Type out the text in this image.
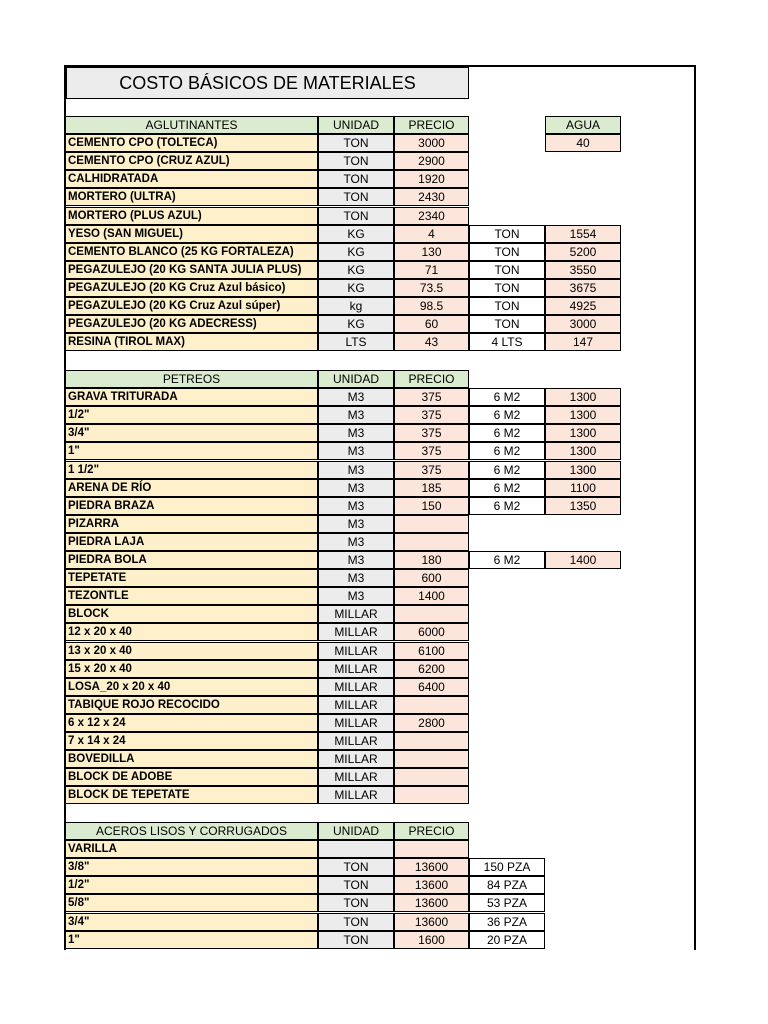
COSTO BÁSICOS DE MATERIALES
AGUA
40
AGLUTINANTES	UNIDAD	PRECIO
CEMENTO CPO (TOLTECA)	TON	3000
CEMENTO CPO (CRUZ AZUL)	TON	2900
CALHIDRATADA	TON	1920
MORTERO (ULTRA)	TON	2430
MORTERO (PLUS AZUL)	TON	2340
YESO (SAN MIGUEL)	KG	4	TON	1554
CEMENTO BLANCO (25 KG FORTALEZA)	KG	130	TON	5200
PEGAZULEJO (20 KG SANTA JULIA PLUS)	KG	71	TON	3550
PEGAZULEJO (20 KG Cruz Azul básico)	KG	73.5	TON	3675
PEGAZULEJO (20 KG Cruz Azul súper)	kg	98.5	TON	4925
PEGAZULEJO (20 KG ADECRESS)	KG	60	TON	3000
RESINA (TIROL MAX)	LTS	43	4 LTS	147
PETREOS	UNIDAD	PRECIO
GRAVA TRITURADA	M3	375	6 M2	1300
1/2"	M3	375	6 M2	1300
3/4"	M3	375	6 M2	1300
1"	M3	375	6 M2	1300
1 1/2"	M3	375	6 M2	1300
ARENA DE RÍO	M3	185	6 M2	1100
PIEDRA BRAZA	M3	150	6 M2	1350
PIZARRA	M3
PIEDRA LAJA	M3
PIEDRA BOLA	M3	180	6 M2	1400
TEPETATE	M3	600
TEZONTLE	M3	1400
BLOCK	MILLAR
12 x 20 x 40	MILLAR	6000
13 x 20 x 40	MILLAR	6100
15 x 20 x 40	MILLAR	6200
LOSA_20 x 20 x 40	MILLAR	6400
TABIQUE ROJO RECOCIDO	MILLAR
6 x 12 x 24	MILLAR	2800
7 x 14 x 24	MILLAR
BOVEDILLA	MILLAR
BLOCK DE ADOBE	MILLAR
BLOCK DE TEPETATE	MILLAR
ACEROS LISOS Y CORRUGADOS	UNIDAD	PRECIO
VARILLA
3/8"	TON	13600	150 PZA
1/2"	TON	13600	84 PZA
5/8"	TON	13600	53 PZA
3/4"	TON	13600	36 PZA
1"	TON	1600	20 PZA
